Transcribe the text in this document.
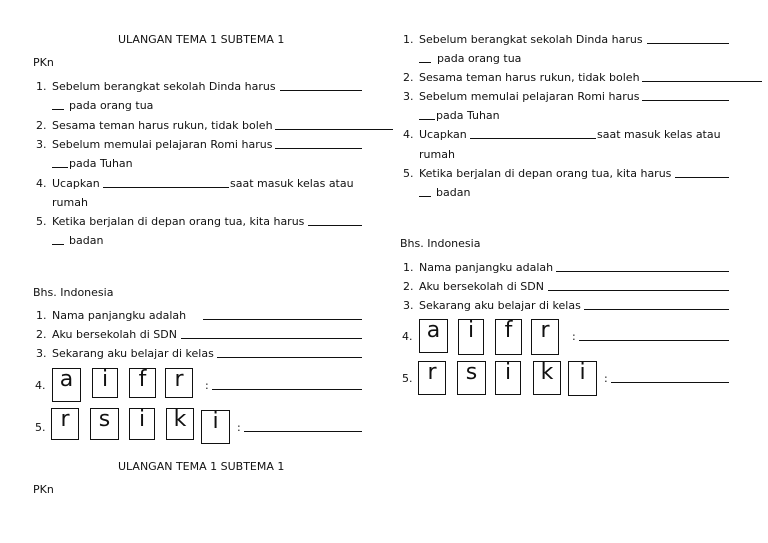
ULANGAN TEMA 1 SUBTEMA 1
PKn
1. Sebelum berangkat sekolah Dinda harus
pada orang tua
2. Sesama teman harus rukun, tidak boleh
3. Sebelum memulai pelajaran Romi harus
pada Tuhan
4. Ucapkan	saat masuk kelas atau
rumah
5. Ketika berjalan di depan orang tua, kita harus
badan
Bhs. Indonesia
1. Nama panjangku adalah
2. Aku bersekolah di SDN
3. Sekarang aku belajar di kelas
4. a	i	f	r	:
5. r	s	i	k	i	:
ULANGAN TEMA 1 SUBTEMA 1
PKn
1. Sebelum berangkat sekolah Dinda harus
pada orang tua
2. Sesama teman harus rukun, tidak boleh
3. Sebelum memulai pelajaran Romi harus
pada Tuhan
4. Ucapkan	saat masuk kelas atau
rumah
5. Ketika berjalan di depan orang tua, kita harus
badan
Bhs. Indonesia
1. Nama panjangku adalah
2. Aku bersekolah di SDN
3. Sekarang aku belajar di kelas
4. a	i	f	r	:
5. r	s	i	k	i	:
